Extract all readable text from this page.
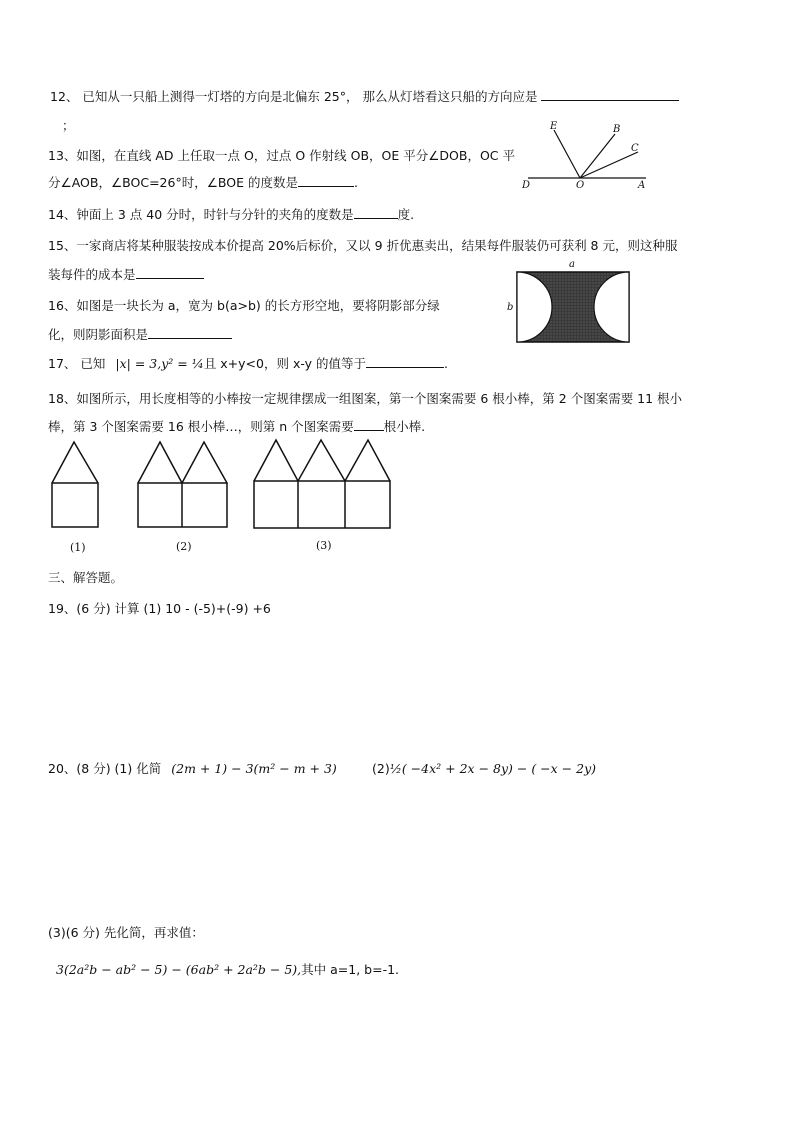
12、 已知从一只船上测得一灯塔的方向是北偏东 25°， 那么从灯塔看这只船的方向应是
；
13、如图，在直线 AD 上任取一点 O，过点 O 作射线 OB，OE 平分∠DOB，OC 平
分∠AOB，∠BOC=26°时，∠BOE 的度数是	.
E	B
C
D	O	A
14、钟面上 3 点 40 分时，时针与分针的夹角的度数是	度.
15、一家商店将某种服装按成本价提高 20%后标价，又以 9 折优惠卖出，结果每件服装仍可获利 8 元，则这种服
装每件的成本是
a
b
16、如图是一块长为 a，宽为 b(a>b) 的长方形空地，要将阴影部分绿
化，则阴影面积是
17、 已知 |x| = 3,y² = ¼且 x+y<0，则 x-y 的值等于	.
18、如图所示，用长度相等的小棒按一定规律摆成一组图案，第一个图案需要 6 根小棒，第 2 个图案需要 11 根小
棒，第 3 个图案需要 16 根小棒…，则第 n 个图案需要 根小棒.
(1)	(2)	(3)
三、解答题。
19、(6 分) 计算 (1) 10 - (-5)+(-9) +6
20、(8 分) (1) 化简 (2m + 1) − 3(m² − m + 3)	(2)½( −4x² + 2x − 8y) − ( −x − 2y)
(3)(6 分) 先化简，再求值：
3(2a²b − ab² − 5) − (6ab² + 2a²b − 5),其中 a=1, b=-1.
